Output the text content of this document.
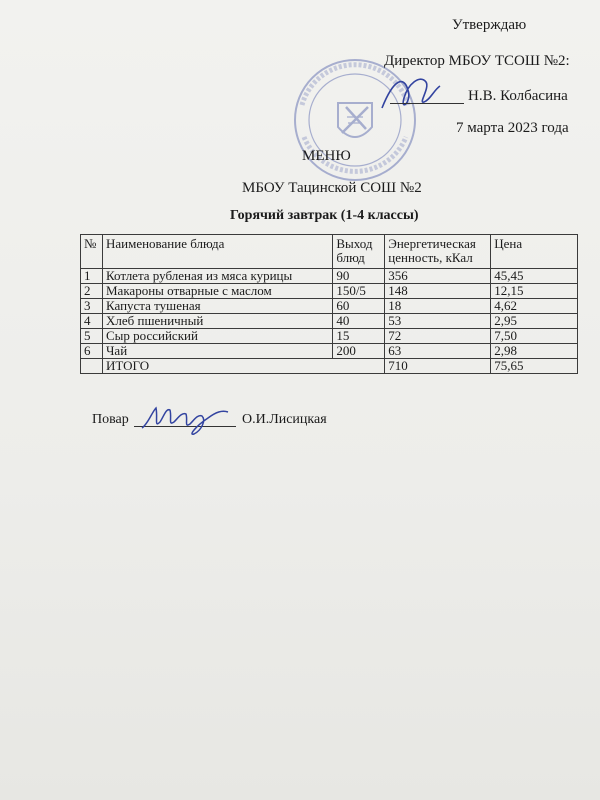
Утверждаю
Директор МБОУ ТСОШ №2:
Н.В. Колбасина
7 марта 2023 года
МЕНЮ
МБОУ Тацинской СОШ №2
Горячий завтрак (1-4 классы)
№	Наименование блюда	Выход блюд	Энергетическая ценность, кКал	Цена
1	Котлета рубленая из мяса курицы	90	356	45,45
2	Макароны отварные с маслом	150/5	148	12,15
3	Капуста тушеная	60	18	4,62
4	Хлеб пшеничный	40	53	2,95
5	Сыр российский	15	72	7,50
6	Чай	200	63	2,98
	ИТОГО		710	75,65
Повар	О.И.Лисицкая
